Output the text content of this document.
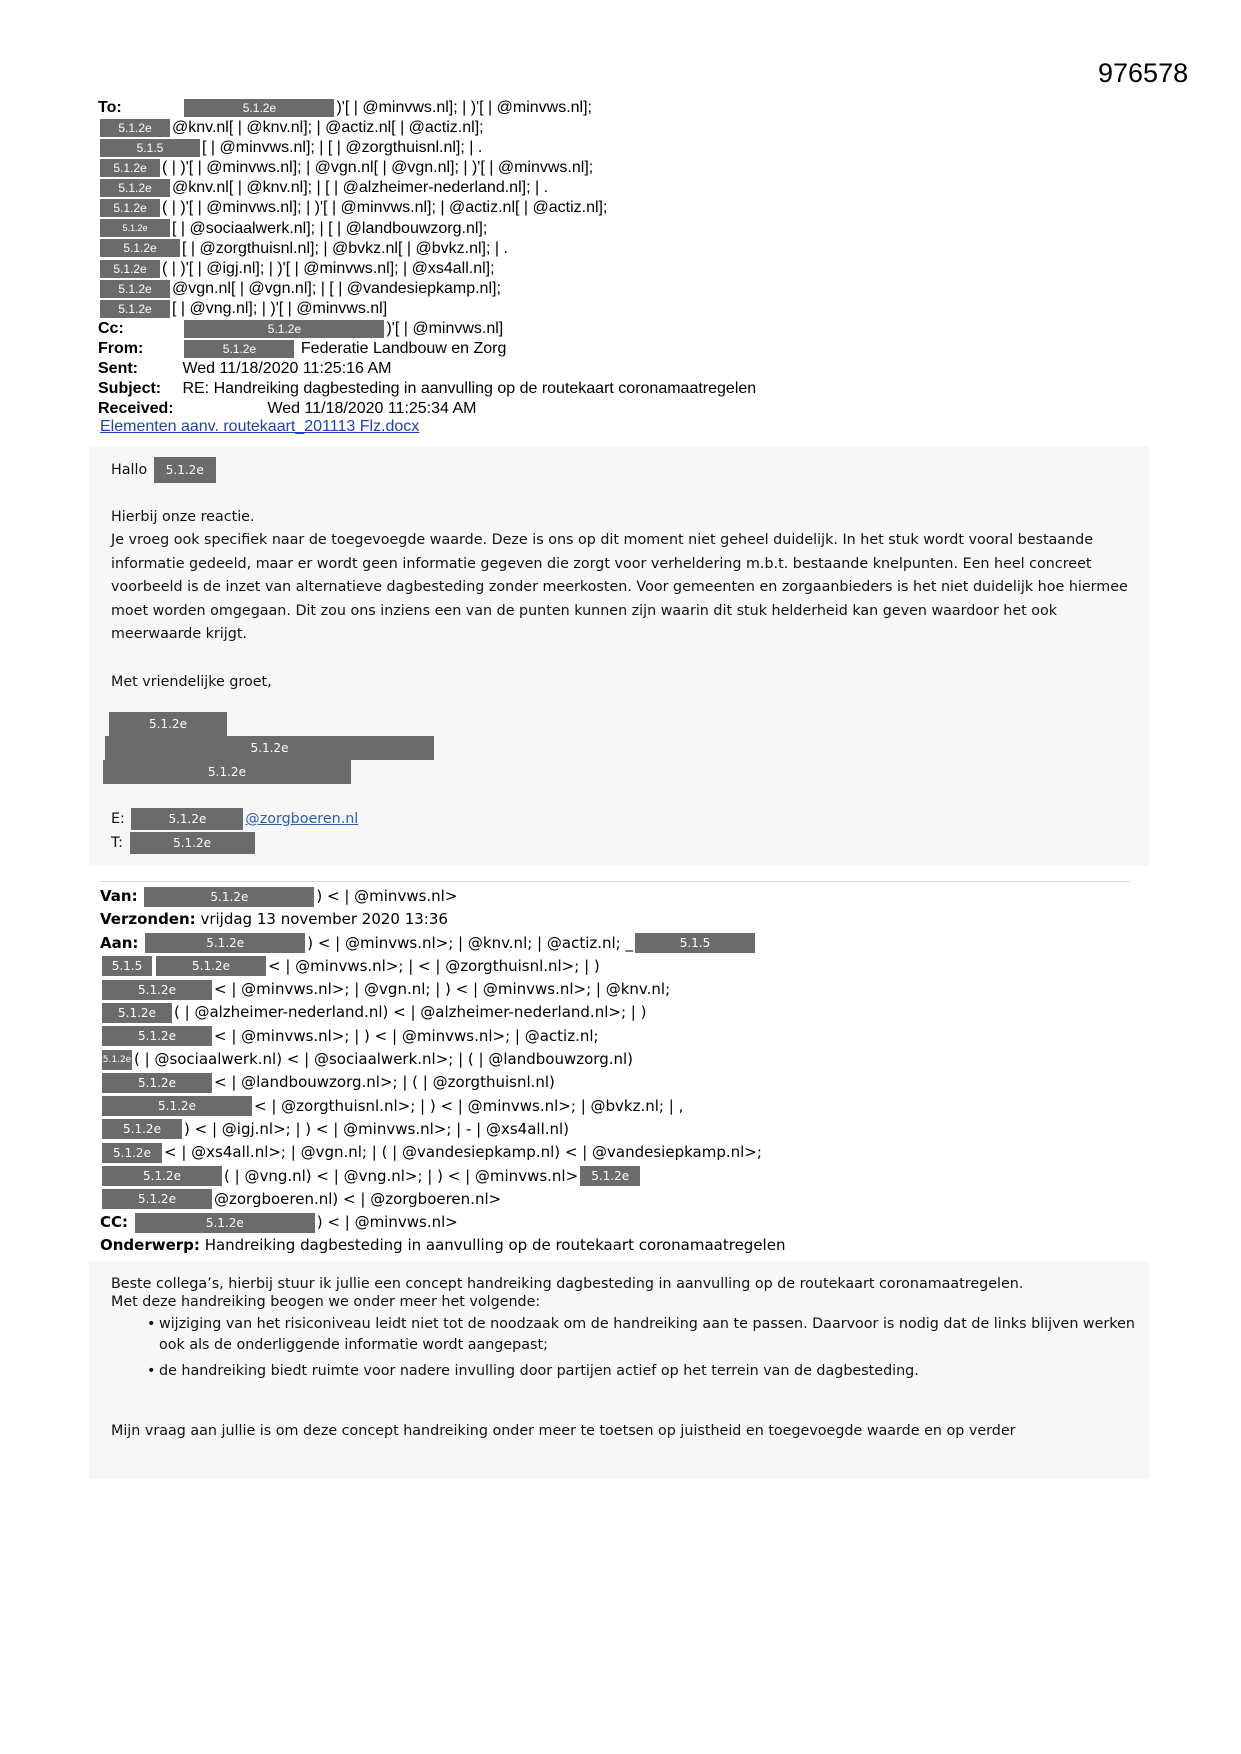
976578
To:	5.1.2e	)'[ | @minvws.nl]; | )'[ | @minvws.nl];
5.1.2e @knv.nl[ | @knv.nl]; | @actiz.nl[ | @actiz.nl];
5.1.5 [ | @minvws.nl]; | [ | @zorgthuisnl.nl]; | .
5.1.2e ( | )'[ | @minvws.nl]; | @vgn.nl[ | @vgn.nl]; | )'[ | @minvws.nl];
5.1.2e @knv.nl[ | @knv.nl]; | [ | @alzheimer-nederland.nl]; | .
5.1.2e ( | )'[ | @minvws.nl]; | )'[ | @minvws.nl]; | @actiz.nl[ | @actiz.nl];
5.1.2e [ | @sociaalwerk.nl]; | [ | @landbouwzorg.nl];
5.1.2e [ | @zorgthuisnl.nl]; | @bvkz.nl[ | @bvkz.nl]; | .
5.1.2e ( | )'[ | @igj.nl]; | )'[ | @minvws.nl]; | @xs4all.nl];
5.1.2e @vgn.nl[ | @vgn.nl]; | [ | @vandesiepkamp.nl];
5.1.2e [ | @vng.nl]; | )'[ | @minvws.nl]
Cc:	5.1.2e	)'[ | @minvws.nl]
From:	5.1.2e	Federatie Landbouw en Zorg
Sent:	Wed 11/18/2020 11:25:16 AM
Subject: RE: Handreiking dagbesteding in aanvulling op de routekaart coronamaatregelen
Received:	Wed 11/18/2020 11:25:34 AM
Elementen aanv. routekaart_201113 Flz.docx
Hallo 5.1.2e
Hierbij onze reactie.
Je vroeg ook specifiek naar de toegevoegde waarde. Deze is ons op dit moment niet geheel duidelijk. In het stuk wordt vooral bestaande informatie gedeeld, maar er wordt geen informatie gegeven die zorgt voor verheldering m.b.t. bestaande knelpunten. Een heel concreet voorbeeld is de inzet van alternatieve dagbesteding zonder meerkosten. Voor gemeenten en zorgaanbieders is het niet duidelijk hoe hiermee moet worden omgegaan. Dit zou ons inziens een van de punten kunnen zijn waarin dit stuk helderheid kan geven waardoor het ook meerwaarde krijgt.
Met vriendelijke groet,
5.1.2e
5.1.2e
5.1.2e
E:	5.1.2e	@zorgboeren.nl
T:	5.1.2e
Van:	5.1.2e	) < | @minvws.nl>
Verzonden: vrijdag 13 november 2020 13:36
Aan:	5.1.2e	) < | @minvws.nl>; | @knv.nl; | @actiz.nl; _	5.1.5
5.1.5	5.1.2e	< | @minvws.nl>; | < | @zorgthuisnl.nl>; | )
5.1.2e	< | @minvws.nl>; | @vgn.nl; | ) < | @minvws.nl>; | @knv.nl;
5.1.2e ( | @alzheimer-nederland.nl) < | @alzheimer-nederland.nl>; | )
5.1.2e	< | @minvws.nl>; | ) < | @minvws.nl>; | @actiz.nl;
5.1.2e ( | @sociaalwerk.nl) < | @sociaalwerk.nl>; | ( | @landbouwzorg.nl)
5.1.2e	< | @landbouwzorg.nl>; | ( | @zorgthuisnl.nl)
5.1.2e	< | @zorgthuisnl.nl>; | ) < | @minvws.nl>; | @bvkz.nl; | ,
5.1.2e ) < | @igj.nl>; | ) < | @minvws.nl>; | - | @xs4all.nl)
5.1.2e < | @xs4all.nl>; | @vgn.nl; | ( | @vandesiepkamp.nl) < | @vandesiepkamp.nl>;
5.1.2e	( | @vng.nl) < | @vng.nl>; | ) < | @minvws.nl> 5.1.2e
5.1.2e	@zorgboeren.nl) < | @zorgboeren.nl>
CC:	5.1.2e	) < | @minvws.nl>
Onderwerp: Handreiking dagbesteding in aanvulling op de routekaart coronamaatregelen
Beste collega’s, hierbij stuur ik jullie een concept handreiking dagbesteding in aanvulling op de routekaart coronamaatregelen.
Met deze handreiking beogen we onder meer het volgende:
• wijziging van het risiconiveau leidt niet tot de noodzaak om de handreiking aan te passen. Daarvoor is nodig dat de links blijven werken ook als de onderliggende informatie wordt aangepast;
• de handreiking biedt ruimte voor nadere invulling door partijen actief op het terrein van de dagbesteding.
Mijn vraag aan jullie is om deze concept handreiking onder meer te toetsen op juistheid en toegevoegde waarde en op verder
